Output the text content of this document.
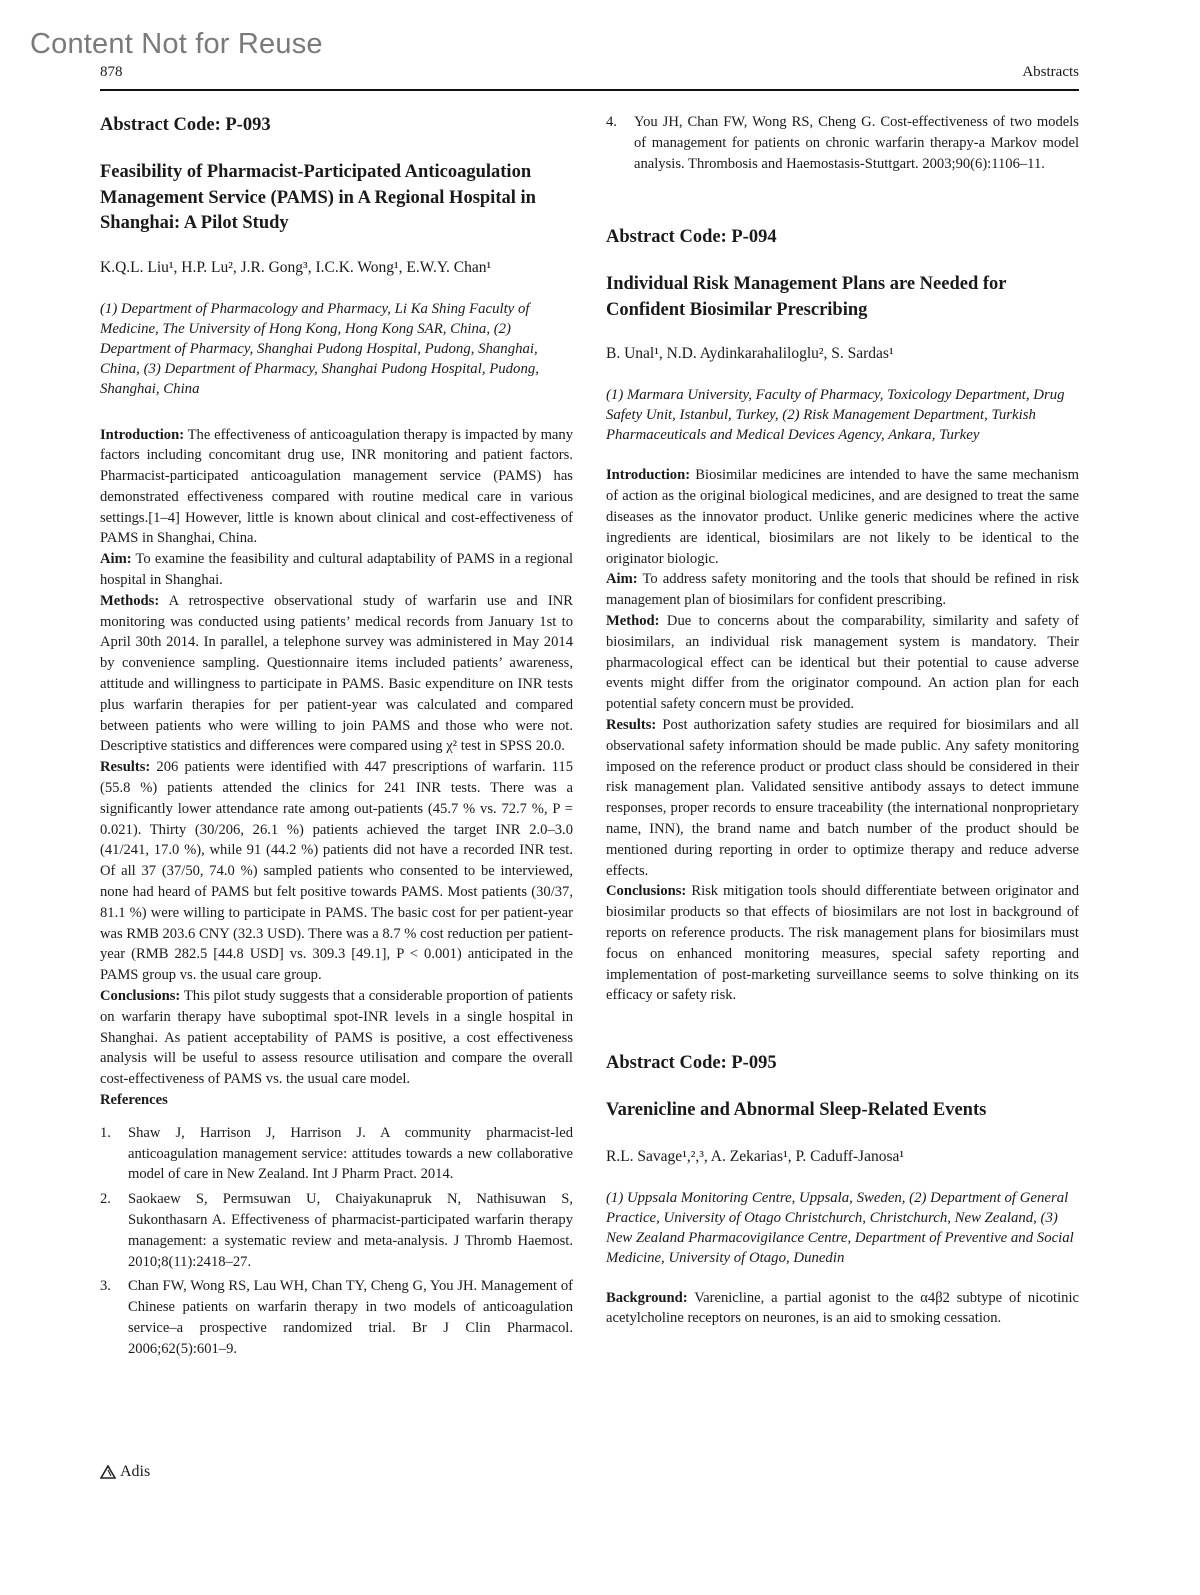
Content Not for Reuse
878	Abstracts
Abstract Code: P-093
Feasibility of Pharmacist-Participated Anticoagulation Management Service (PAMS) in A Regional Hospital in Shanghai: A Pilot Study

K.Q.L. Liu¹, H.P. Lu², J.R. Gong³, I.C.K. Wong¹, E.W.Y. Chan¹

(1) Department of Pharmacology and Pharmacy, Li Ka Shing Faculty of Medicine, The University of Hong Kong, Hong Kong SAR, China, (2) Department of Pharmacy, Shanghai Pudong Hospital, Pudong, Shanghai, China, (3) Department of Pharmacy, Shanghai Pudong Hospital, Pudong, Shanghai, China

Introduction: The effectiveness of anticoagulation therapy is impacted by many factors including concomitant drug use, INR monitoring and patient factors. Pharmacist-participated anticoagulation management service (PAMS) has demonstrated effectiveness compared with routine medical care in various settings.[1–4] However, little is known about clinical and cost-effectiveness of PAMS in Shanghai, China.

Aim: To examine the feasibility and cultural adaptability of PAMS in a regional hospital in Shanghai.

Methods: A retrospective observational study of warfarin use and INR monitoring was conducted using patients’ medical records from January 1st to April 30th 2014. In parallel, a telephone survey was administered in May 2014 by convenience sampling. Questionnaire items included patients’ awareness, attitude and willingness to participate in PAMS. Basic expenditure on INR tests plus warfarin therapies for per patient-year was calculated and compared between patients who were willing to join PAMS and those who were not. Descriptive statistics and differences were compared using χ² test in SPSS 20.0.

Results: 206 patients were identified with 447 prescriptions of warfarin. 115 (55.8 %) patients attended the clinics for 241 INR tests. There was a significantly lower attendance rate among out-patients (45.7 % vs. 72.7 %, P = 0.021). Thirty (30/206, 26.1 %) patients achieved the target INR 2.0–3.0 (41/241, 17.0 %), while 91 (44.2 %) patients did not have a recorded INR test. Of all 37 (37/50, 74.0 %) sampled patients who consented to be interviewed, none had heard of PAMS but felt positive towards PAMS. Most patients (30/37, 81.1 %) were willing to participate in PAMS. The basic cost for per patient-year was RMB 203.6 CNY (32.3 USD). There was a 8.7 % cost reduction per patient-year (RMB 282.5 [44.8 USD] vs. 309.3 [49.1], P < 0.001) anticipated in the PAMS group vs. the usual care group.

Conclusions: This pilot study suggests that a considerable proportion of patients on warfarin therapy have suboptimal spot-INR levels in a single hospital in Shanghai. As patient acceptability of PAMS is positive, a cost effectiveness analysis will be useful to assess resource utilisation and compare the overall cost-effectiveness of PAMS vs. the usual care model.

References

1.	Shaw J, Harrison J, Harrison J. A community pharmacist-led anticoagulation management service: attitudes towards a new collaborative model of care in New Zealand. Int J Pharm Pract. 2014.
2.	Saokaew S, Permsuwan U, Chaiyakunapruk N, Nathisuwan S, Sukonthasarn A. Effectiveness of pharmacist-participated warfarin therapy management: a systematic review and meta-analysis. J Thromb Haemost. 2010;8(11):2418–27.
3.	Chan FW, Wong RS, Lau WH, Chan TY, Cheng G, You JH. Management of Chinese patients on warfarin therapy in two models of anticoagulation service–a prospective randomized trial. Br J Clin Pharmacol. 2006;62(5):601–9.
4.	You JH, Chan FW, Wong RS, Cheng G. Cost-effectiveness of two models of management for patients on chronic warfarin therapy-a Markov model analysis. Thrombosis and Haemostasis-Stuttgart. 2003;90(6):1106–11.
Abstract Code: P-094
Individual Risk Management Plans are Needed for Confident Biosimilar Prescribing

B. Unal¹, N.D. Aydinkarahaliloglu², S. Sardas¹

(1) Marmara University, Faculty of Pharmacy, Toxicology Department, Drug Safety Unit, Istanbul, Turkey, (2) Risk Management Department, Turkish Pharmaceuticals and Medical Devices Agency, Ankara, Turkey

Introduction: Biosimilar medicines are intended to have the same mechanism of action as the original biological medicines, and are designed to treat the same diseases as the innovator product. Unlike generic medicines where the active ingredients are identical, biosimilars are not likely to be identical to the originator biologic.

Aim: To address safety monitoring and the tools that should be refined in risk management plan of biosimilars for confident prescribing.

Method: Due to concerns about the comparability, similarity and safety of biosimilars, an individual risk management system is mandatory. Their pharmacological effect can be identical but their potential to cause adverse events might differ from the originator compound. An action plan for each potential safety concern must be provided.

Results: Post authorization safety studies are required for biosimilars and all observational safety information should be made public. Any safety monitoring imposed on the reference product or product class should be considered in their risk management plan. Validated sensitive antibody assays to detect immune responses, proper records to ensure traceability (the international nonproprietary name, INN), the brand name and batch number of the product should be mentioned during reporting in order to optimize therapy and reduce adverse effects.

Conclusions: Risk mitigation tools should differentiate between originator and biosimilar products so that effects of biosimilars are not lost in background of reports on reference products. The risk management plans for biosimilars must focus on enhanced monitoring measures, special safety reporting and implementation of post-marketing surveillance seems to solve thinking on its efficacy or safety risk.

Abstract Code: P-095
Varenicline and Abnormal Sleep-Related Events

R.L. Savage¹,²,³, A. Zekarias¹, P. Caduff-Janosa¹

(1) Uppsala Monitoring Centre, Uppsala, Sweden, (2) Department of General Practice, University of Otago Christchurch, Christchurch, New Zealand, (3) New Zealand Pharmacovigilance Centre, Department of Preventive and Social Medicine, University of Otago, Dunedin

Background: Varenicline, a partial agonist to the α4β2 subtype of nicotinic acetylcholine receptors on neurones, is an aid to smoking cessation.

Adis
